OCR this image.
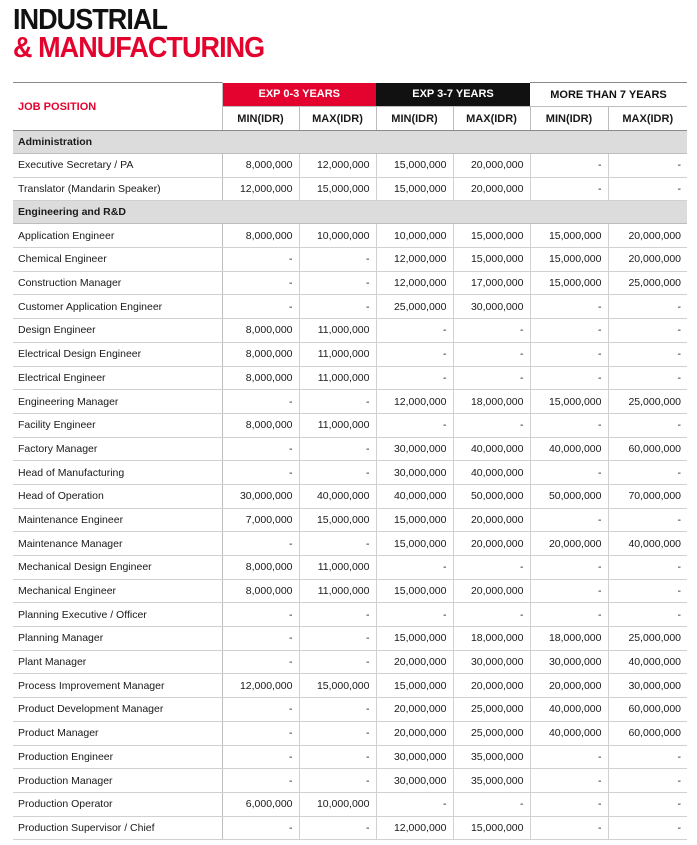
INDUSTRIAL
& MANUFACTURING
JOB POSITION	EXP 0-3 YEARS		EXP 3-7 YEARS		MORE THAN 7 YEARS	
	MIN(IDR)	MAX(IDR)	MIN(IDR)	MAX(IDR)	MIN(IDR)	MAX(IDR)
Administration						
Executive Secretary / PA	8,000,000	12,000,000	15,000,000	20,000,000	-	-
Translator (Mandarin Speaker)	12,000,000	15,000,000	15,000,000	20,000,000	-	-
Engineering and R&D						
Application Engineer	8,000,000	10,000,000	10,000,000	15,000,000	15,000,000	20,000,000
Chemical Engineer	-	-	12,000,000	15,000,000	15,000,000	20,000,000
Construction Manager	-	-	12,000,000	17,000,000	15,000,000	25,000,000
Customer Application Engineer	-	-	25,000,000	30,000,000	-	-
Design Engineer	8,000,000	11,000,000	-	-	-	-
Electrical Design Engineer	8,000,000	11,000,000	-	-	-	-
Electrical Engineer	8,000,000	11,000,000	-	-	-	-
Engineering Manager	-	-	12,000,000	18,000,000	15,000,000	25,000,000
Facility Engineer	8,000,000	11,000,000	-	-	-	-
Factory Manager	-	-	30,000,000	40,000,000	40,000,000	60,000,000
Head of Manufacturing	-	-	30,000,000	40,000,000	-	-
Head of Operation	30,000,000	40,000,000	40,000,000	50,000,000	50,000,000	70,000,000
Maintenance Engineer	7,000,000	15,000,000	15,000,000	20,000,000	-	-
Maintenance Manager	-	-	15,000,000	20,000,000	20,000,000	40,000,000
Mechanical Design Engineer	8,000,000	11,000,000	-	-	-	-
Mechanical Engineer	8,000,000	11,000,000	15,000,000	20,000,000	-	-
Planning Executive / Officer	-	-	-	-	-	-
Planning Manager	-	-	15,000,000	18,000,000	18,000,000	25,000,000
Plant Manager	-	-	20,000,000	30,000,000	30,000,000	40,000,000
Process Improvement Manager	12,000,000	15,000,000	15,000,000	20,000,000	20,000,000	30,000,000
Product Development Manager	-	-	20,000,000	25,000,000	40,000,000	60,000,000
Product Manager	-	-	20,000,000	25,000,000	40,000,000	60,000,000
Production Engineer	-	-	30,000,000	35,000,000	-	-
Production Manager	-	-	30,000,000	35,000,000	-	-
Production Operator	6,000,000	10,000,000	-	-	-	-
Production Supervisor / Chief	-	-	12,000,000	15,000,000	-	-
